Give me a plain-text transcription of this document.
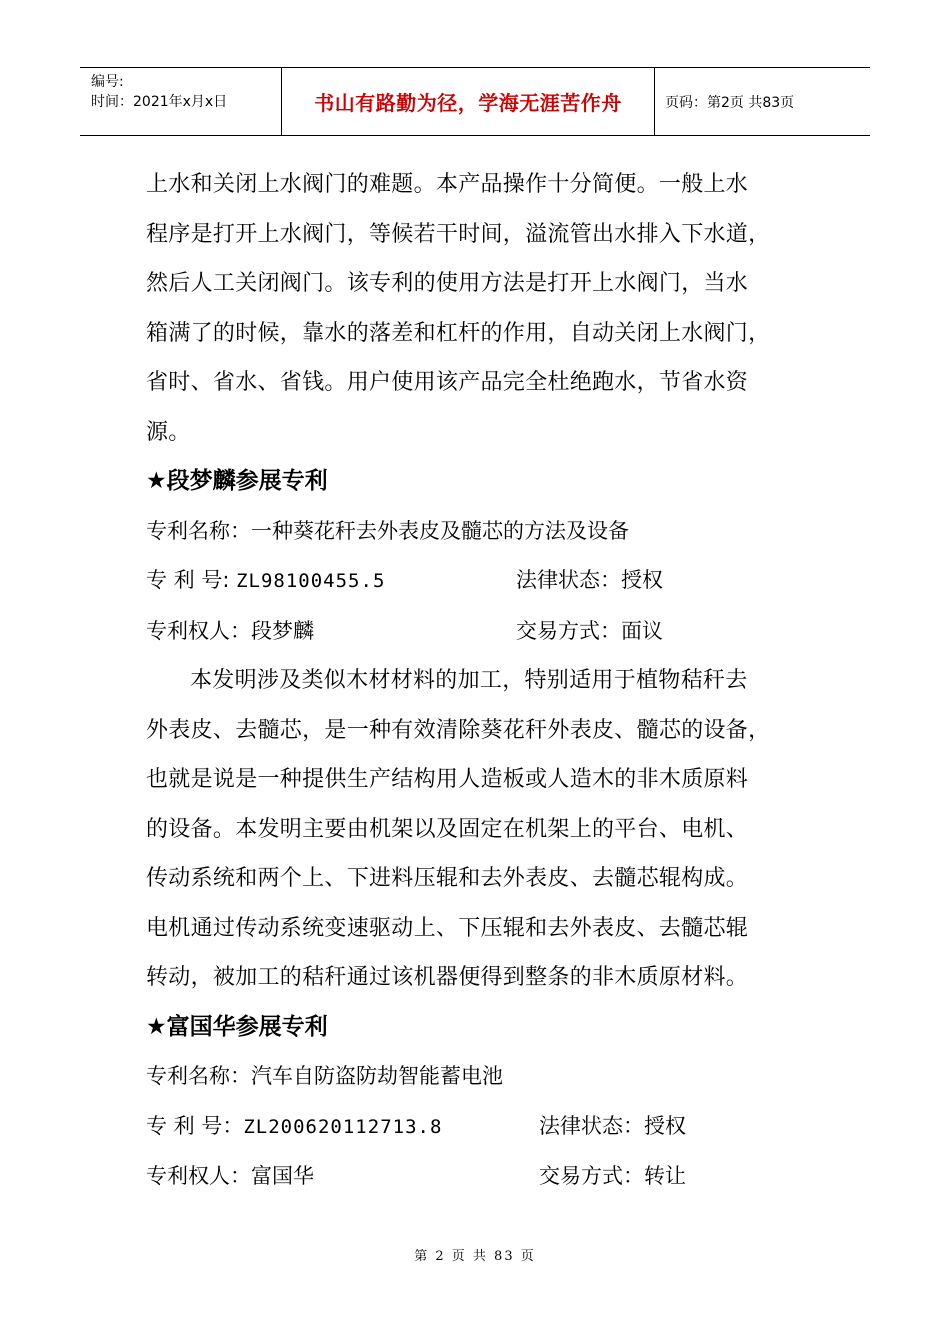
编号:
时间：2021年x月x日	书山有路勤为径，学海无涯苦作舟	页码：第2页 共83页

上水和关闭上水阀门的难题。本产品操作十分简便。一般上水

程序是打开上水阀门，等候若干时间，溢流管出水排入下水道，

然后人工关闭阀门。该专利的使用方法是打开上水阀门，当水

箱满了的时候，靠水的落差和杠杆的作用，自动关闭上水阀门，

省时、省水、省钱。用户使用该产品完全杜绝跑水，节省水资

源。

★段梦麟参展专利

专利名称：一种葵花秆去外表皮及髓芯的方法及设备

专 利 号: ZL98100455.5	法律状态：授权
专利权人：段梦麟	交易方式：面议

本发明涉及类似木材材料的加工，特别适用于植物秸秆去

外表皮、去髓芯，是一种有效清除葵花秆外表皮、髓芯的设备，

也就是说是一种提供生产结构用人造板或人造木的非木质原料

的设备。本发明主要由机架以及固定在机架上的平台、电机、

传动系统和两个上、下进料压辊和去外表皮、去髓芯辊构成。

电机通过传动系统变速驱动上、下压辊和去外表皮、去髓芯辊

转动，被加工的秸秆通过该机器便得到整条的非木质原材料。

★富国华参展专利

专利名称：汽车自防盗防劫智能蓄电池

专 利 号：ZL200620112713.8	法律状态：授权
专利权人：富国华	交易方式：转让
第 2 页 共 83 页
